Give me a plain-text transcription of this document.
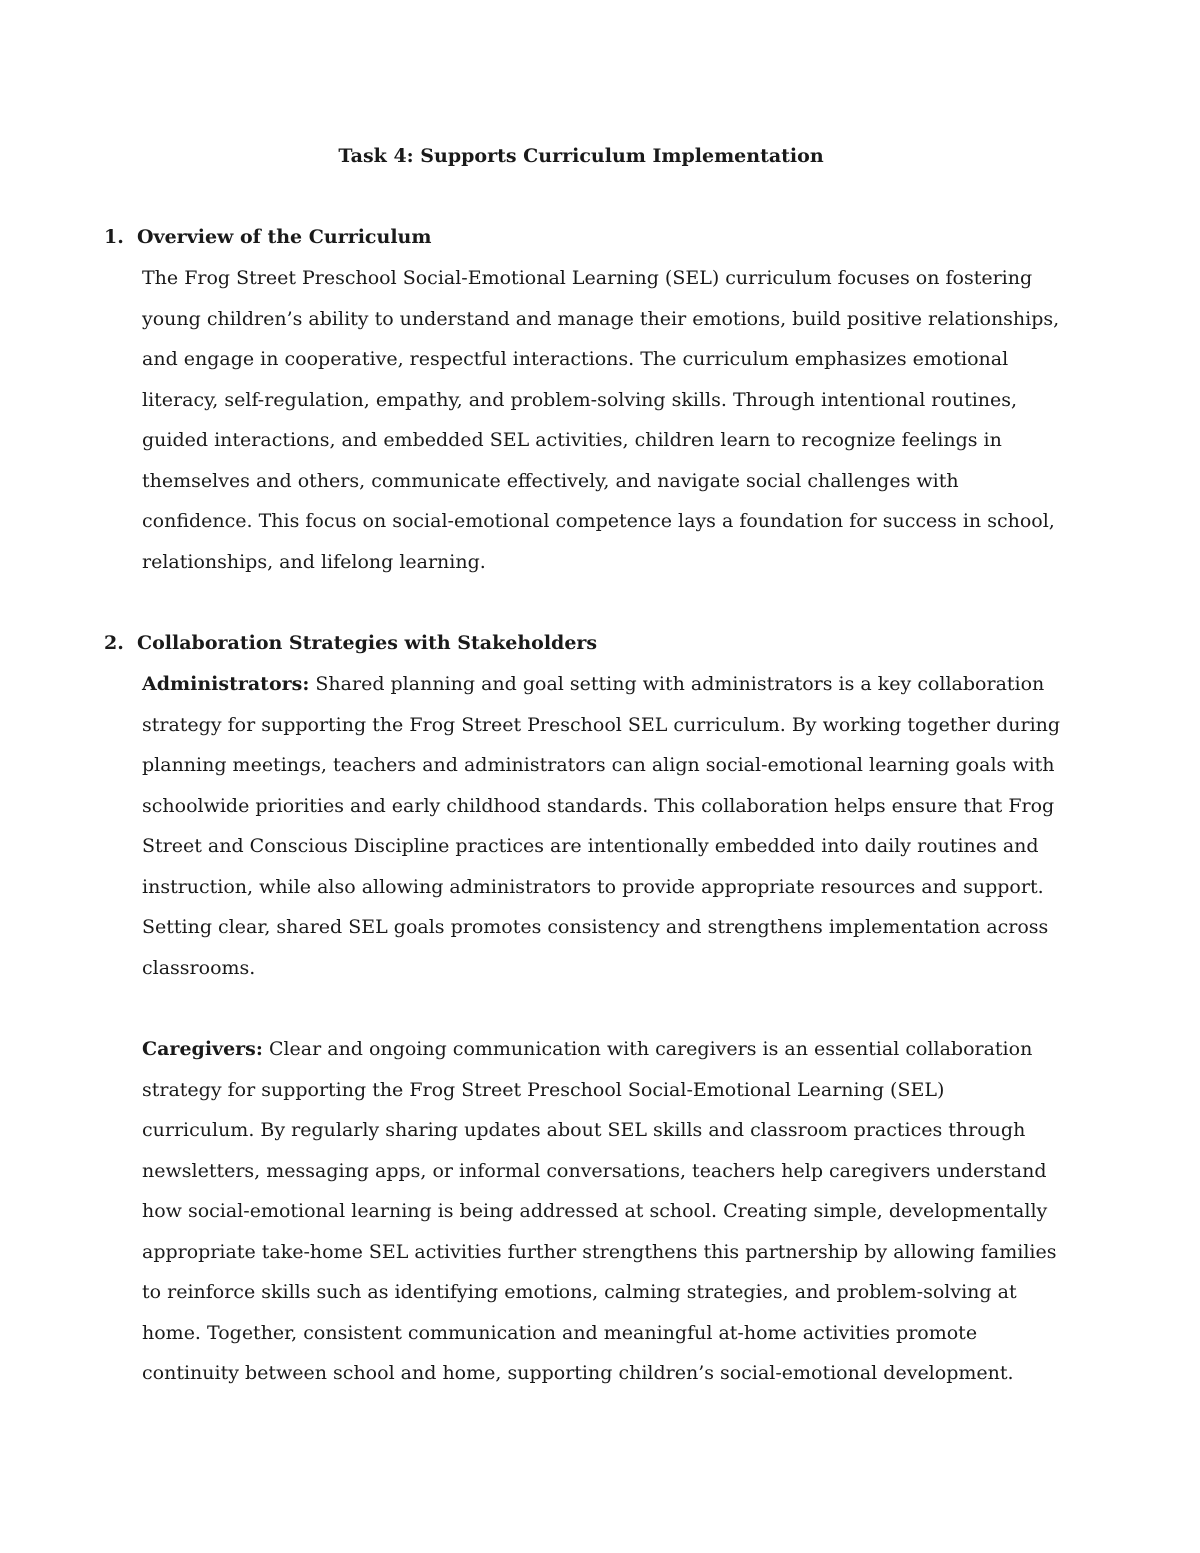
Task 4: Supports Curriculum Implementation
1. Overview of the Curriculum
The Frog Street Preschool Social-Emotional Learning (SEL) curriculum focuses on fostering young children’s ability to understand and manage their emotions, build positive relationships, and engage in cooperative, respectful interactions. The curriculum emphasizes emotional literacy, self-regulation, empathy, and problem-solving skills. Through intentional routines, guided interactions, and embedded SEL activities, children learn to recognize feelings in themselves and others, communicate effectively, and navigate social challenges with confidence. This focus on social-emotional competence lays a foundation for success in school, relationships, and lifelong learning.
2. Collaboration Strategies with Stakeholders
Administrators: Shared planning and goal setting with administrators is a key collaboration strategy for supporting the Frog Street Preschool SEL curriculum. By working together during planning meetings, teachers and administrators can align social-emotional learning goals with schoolwide priorities and early childhood standards. This collaboration helps ensure that Frog Street and Conscious Discipline practices are intentionally embedded into daily routines and instruction, while also allowing administrators to provide appropriate resources and support. Setting clear, shared SEL goals promotes consistency and strengthens implementation across classrooms.
Caregivers: Clear and ongoing communication with caregivers is an essential collaboration strategy for supporting the Frog Street Preschool Social-Emotional Learning (SEL) curriculum. By regularly sharing updates about SEL skills and classroom practices through newsletters, messaging apps, or informal conversations, teachers help caregivers understand how social-emotional learning is being addressed at school. Creating simple, developmentally appropriate take-home SEL activities further strengthens this partnership by allowing families to reinforce skills such as identifying emotions, calming strategies, and problem-solving at home. Together, consistent communication and meaningful at-home activities promote continuity between school and home, supporting children’s social-emotional development.
